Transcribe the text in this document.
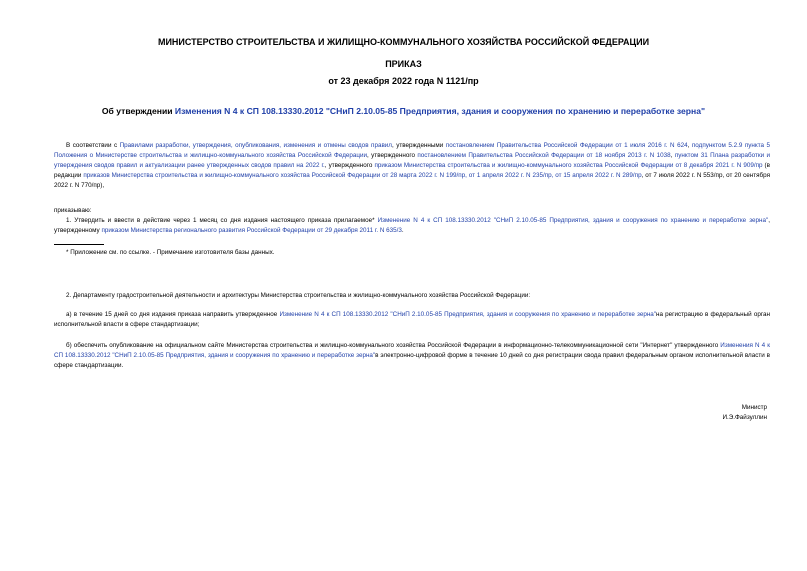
МИНИСТЕРСТВО СТРОИТЕЛЬСТВА И ЖИЛИЩНО-КОММУНАЛЬНОГО ХОЗЯЙСТВА РОССИЙСКОЙ ФЕДЕРАЦИИ
ПРИКАЗ
от 23 декабря 2022 года N 1121/пр
Об утверждении Изменения N 4 к СП 108.13330.2012 "СНиП 2.10.05-85 Предприятия, здания и сооружения по хранению и переработке зерна"
В соответствии с Правилами разработки, утверждения, опубликования, изменения и отмены сводов правил, утвержденными постановлением Правительства Российской Федерации от 1 июля 2016 г. N 624, подпунктом 5.2.9 пункта 5 Положения о Министерстве строительства и жилищно-коммунального хозяйства Российской Федерации, утвержденного постановлением Правительства Российской Федерации от 18 ноября 2013 г. N 1038, пунктом 31 Плана разработки и утверждения сводов правил и актуализации ранее утвержденных сводов правил на 2022 г., утвержденного приказом Министерства строительства и жилищно-коммунального хозяйства Российской Федерации от 8 декабря 2021 г. N 909/пр (в редакции приказов Министерства строительства и жилищно-коммунального хозяйства Российской Федерации от 28 марта 2022 г. N 199/пр, от 1 апреля 2022 г. N 235/пр, от 15 апреля 2022 г. N 289/пр, от 7 июля 2022 г. N 553/пр, от 20 сентября 2022 г. N 770/пр),
приказываю:
1. Утвердить и ввести в действие через 1 месяц со дня издания настоящего приказа прилагаемое* Изменение N 4 к СП 108.13330.2012 "СНиП 2.10.05-85 Предприятия, здания и сооружения по хранению и переработке зерна", утвержденному приказом Министерства регионального развития Российской Федерации от 29 декабря 2011 г. N 635/3.
* Приложение см. по ссылке. - Примечание изготовителя базы данных.
2. Департаменту градостроительной деятельности и архитектуры Министерства строительства и жилищно-коммунального хозяйства Российской Федерации:
а) в течение 15 дней со дня издания приказа направить утвержденное Изменение N 4 к СП 108.13330.2012 "СНиП 2.10.05-85 Предприятия, здания и сооружения по хранению и переработке зерна"на регистрацию в федеральный орган исполнительной власти в сфере стандартизации;
б) обеспечить опубликование на официальном сайте Министерства строительства и жилищно-коммунального хозяйства Российской Федерации в информационно-телекоммуникационной сети "Интернет" утвержденного Изменения N 4 к СП 108.13330.2012 "СНиП 2.10.05-85 Предприятия, здания и сооружения по хранению и переработке зерна"в электронно-цифровой форме в течение 10 дней со дня регистрации свода правил федеральным органом исполнительной власти в сфере стандартизации.
Министр
И.Э.Файзуллин
